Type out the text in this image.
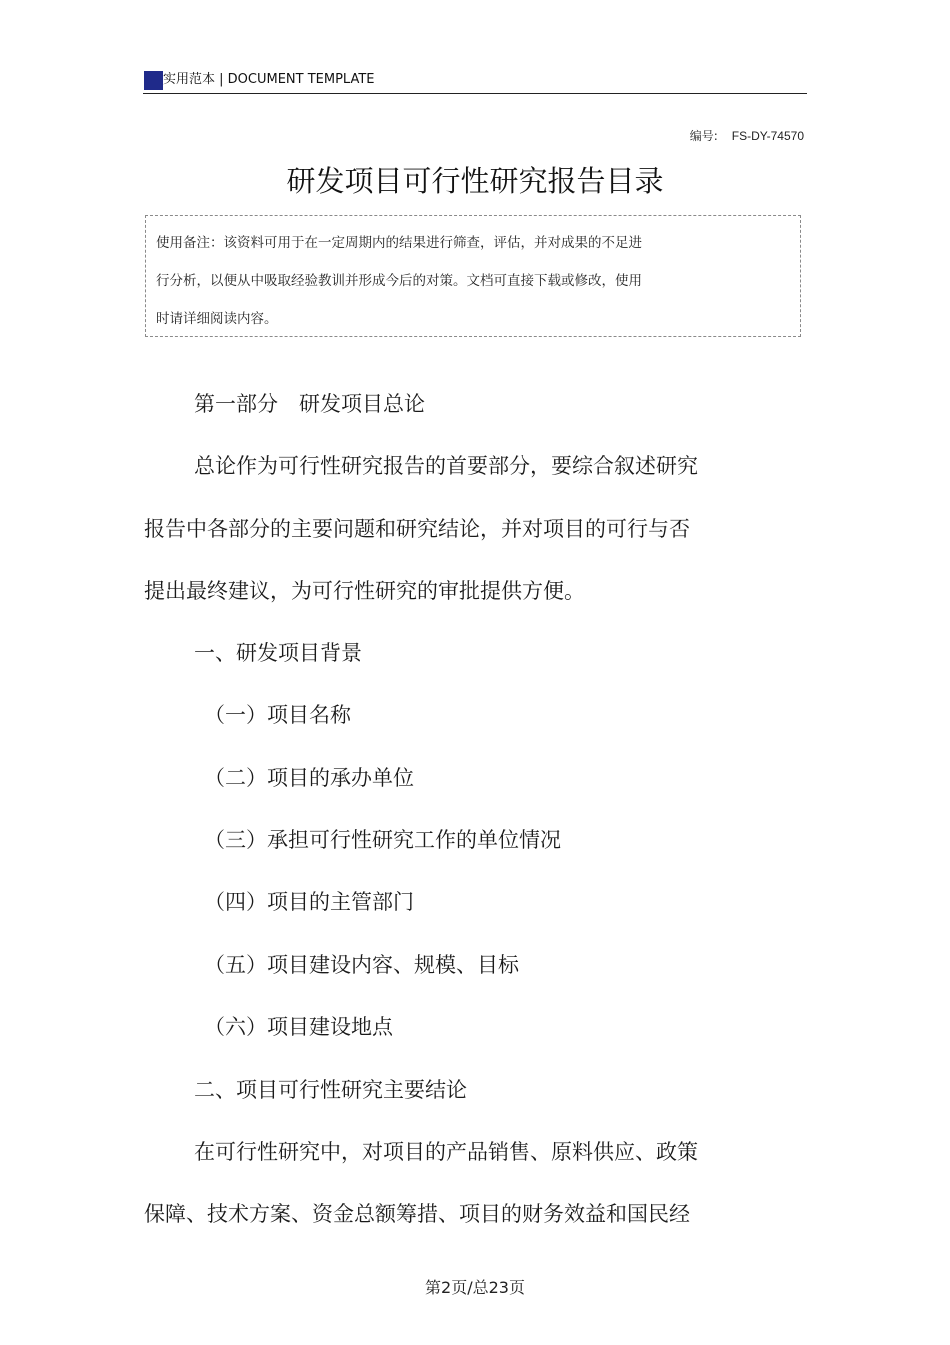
实用范本 | DOCUMENT TEMPLATE
编号: FS-DY-74570
研发项目可行性研究报告目录
使用备注：该资料可用于在一定周期内的结果进行筛查，评估，并对成果的不足进
行分析，以便从中吸取经验教训并形成今后的对策。文档可直接下载或修改，使用
时请详细阅读内容。
第一部分　研发项目总论
总论作为可行性研究报告的首要部分，要综合叙述研究
报告中各部分的主要问题和研究结论，并对项目的可行与否
提出最终建议，为可行性研究的审批提供方便。
一、研发项目背景
（一）项目名称
（二）项目的承办单位
（三）承担可行性研究工作的单位情况
（四）项目的主管部门
（五）项目建设内容、规模、目标
（六）项目建设地点
二、项目可行性研究主要结论
在可行性研究中，对项目的产品销售、原料供应、政策
保障、技术方案、资金总额筹措、项目的财务效益和国民经
第2页/总23页
